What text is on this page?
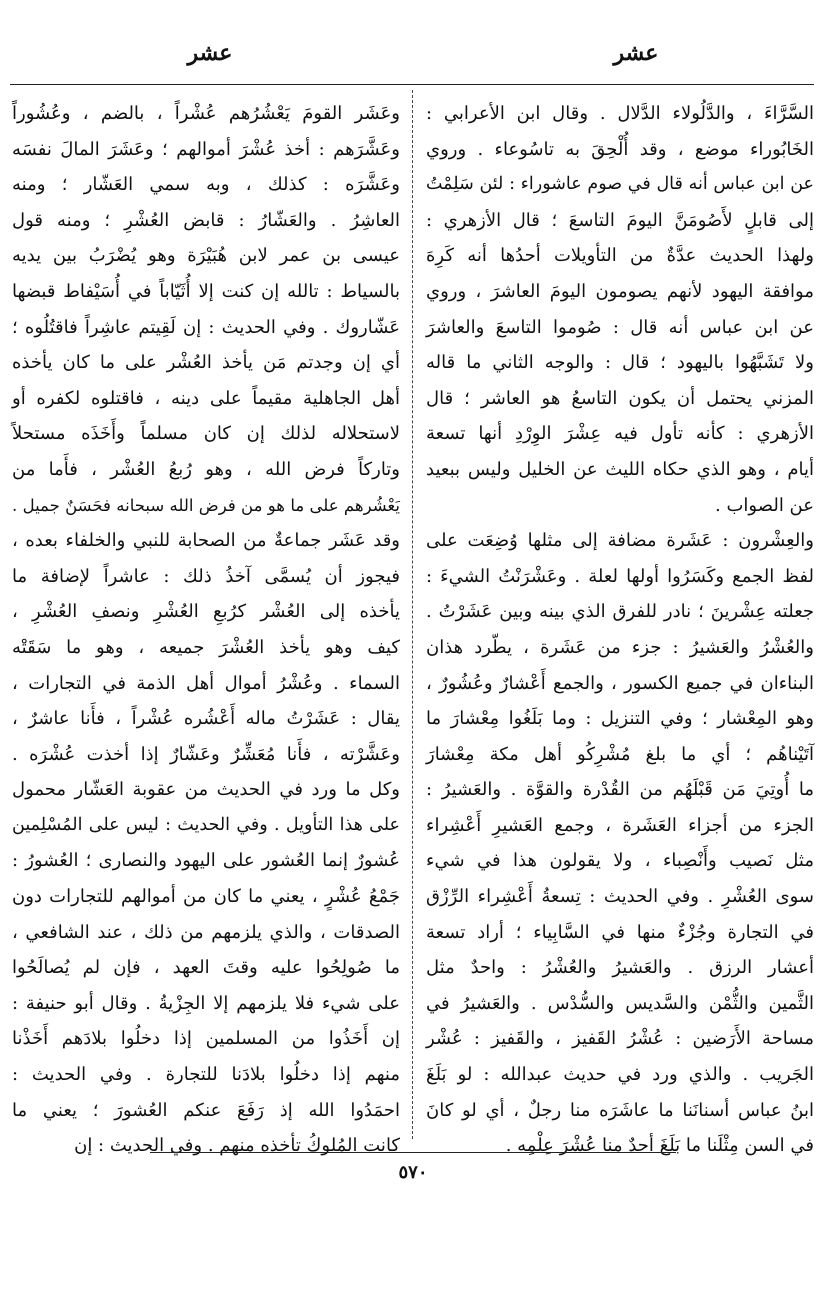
عشر
عشر
السَّرَّاءَ ، والدَّلُولاء الدَّلال . وقال ابن الأعرابي :
الخَابُوراء موضع ، وقد أُلْحِقَ به تاسُوعاء . وروي
عن ابن عباس أنه قال في صوم عاشوراء : لئن سَلِمْتُ
إلى قابلٍ لأَصُومَنَّ اليومَ التاسعَ ؛ قال الأزهري :
ولهذا الحديث عدَّةٌ من التأويلات أحدُها أنه كَرِهَ
موافقة اليهود لأنهم يصومون اليومَ العاشرَ ، وروي
عن ابن عباس أنه قال : صُوموا التاسعَ والعاشرَ
ولا تَشَبَّهُوا باليهود ؛ قال : والوجه الثاني ما قاله
المزني يحتمل أن يكون التاسعُ هو العاشر ؛ قال
الأزهري : كأنه تأول فيه عِشْرَ الوِرْدِ أنها تسعة
أيام ، وهو الذي حكاه الليث عن الخليل وليس ببعيد
عن الصواب .
والعِشْرون : عَشَرة مضافة إلى مثلها وُضِعَت على
لفظ الجمع وكَسَرُوا أولها لعلة . وعَشْرَنْتُ الشيءَ :
جعلته عِشْرينَ ؛ نادر للفرق الذي بينه وبين عَشَرْتُ .
والعُشْرُ والعَشيرُ : جزء من عَشَرة ، يطّرد هذان
البناءان في جميع الكسور ، والجمع أَعْشارٌ وعُشُورٌ ،
وهو المِعْشار ؛ وفي التنزيل : وما بَلَغُوا مِعْشارَ ما
آتَيْناهُم ؛ أي ما بلغ مُشْرِكُو أهل مكة مِعْشارَ
ما أُوتِيَ مَن قَبْلَهُم من القُدْرة والقوَّة . والعَشيرُ :
الجزء من أجزاء العَشَرة ، وجمع العَشيرِ أَعْشِراء
مثل نَصيب وأَنْصِباء ، ولا يقولون هذا في شيء
سوى العُشْرِ . وفي الحديث : تِسعةُ أَعْشِراء الرِّزْق
في التجارة وجُزْءٌ منها في السَّابِياء ؛ أراد تسعة
أعشار الرزق . والعَشيرُ والعُشْرُ : واحدٌ مثل
الثَّمين والثُّمْن والسَّديس والسُّدْس . والعَشيرُ في
مساحة الأَرَضين : عُشْرُ القَفيز ، والقَفيز : عُشْر
الجَريب . والذي ورد في حديث عبدالله : لو بَلَغَ
ابنُ عباس أسنانَنا ما عاشَرَه منا رجلٌ ، أي لو كانَ
في السن مِثْلَنا ما بَلَغَ أحدٌ منا عُشْرَ عِلْمِه .
وعَشَر القومَ يَعْشُرُهم عُشْراً ، بالضم ، وعُشُوراً
وعَشَّرَهم : أخذ عُشْرَ أموالهم ؛ وعَشَرَ المالَ نفسَه
وعَشَّرَه : كذلك ، وبه سمي العَشّار ؛ ومنه
العاشِرُ . والعَشّارُ : قابض العُشْرِ ؛ ومنه قول
عيسى بن عمر لابن هُبَيْرَة وهو يُضْرَبُ بين يديه
بالسياط : تالله إن كنت إلا أُثَيّاباً في أُسَيْفاط قبضها
عَشّاروك . وفي الحديث : إن لَقِيتم عاشِراً فاقتُلُوه ؛
أي إن وجدتم مَن يأخذ العُشْر على ما كان يأخذه
أهل الجاهلية مقيماً على دينه ، فاقتلوه لكفره أو
لاستحلاله لذلك إن كان مسلماً وأَخَذَه مستحلاً
وتاركاً فرض الله ، وهو رُبعُ العُشْر ، فأَما من
يَعْشُرهم على ما هو من فرض الله سبحانه فحَسَنٌ جميل .
وقد عَشَر جماعةٌ من الصحابة للنبي والخلفاء بعده ،
فيجوز أن يُسمَّى آخذُ ذلك : عاشراً لإضافة ما
يأخذه إلى العُشْر كرُبعِ العُشْرِ ونصفِ العُشْرِ ،
كيف وهو يأخذ العُشْرَ جميعه ، وهو ما سَقَتْه
السماء . وعُشْرُ أموال أهل الذمة في التجارات ،
يقال : عَشَرْتُ ماله أَعْشُره عُشْراً ، فأَنا عاشرٌ ،
وعَشَّرْته ، فأَنا مُعَشِّرٌ وعَشّارٌ إذا أخذت عُشْرَه .
وكل ما ورد في الحديث من عقوبة العَشّار محمول
على هذا التأويل . وفي الحديث : ليس على المُسْلِمين
عُشورٌ إنما العُشور على اليهود والنصارى ؛ العُشورُ :
جَمْعُ عُشْرٍ ، يعني ما كان من أموالهم للتجارات دون
الصدقات ، والذي يلزمهم من ذلك ، عند الشافعي ،
ما صُولِحُوا عليه وقتَ العهد ، فإن لم يُصالَحُوا
على شيء فلا يلزمهم إلا الجِزْيةُ . وقال أبو حنيفة :
إن أَخَذُوا من المسلمين إذا دخلُوا بلادَهم أَخَذْنا
منهم إذا دخلُوا بلادَنا للتجارة . وفي الحديث :
احمَدُوا الله إذ رَفَعَ عنكم العُشورَ ؛ يعني ما
كانت المُلوكُ تأخذه منهم . وفي الحديث : إن
٥٧٠
